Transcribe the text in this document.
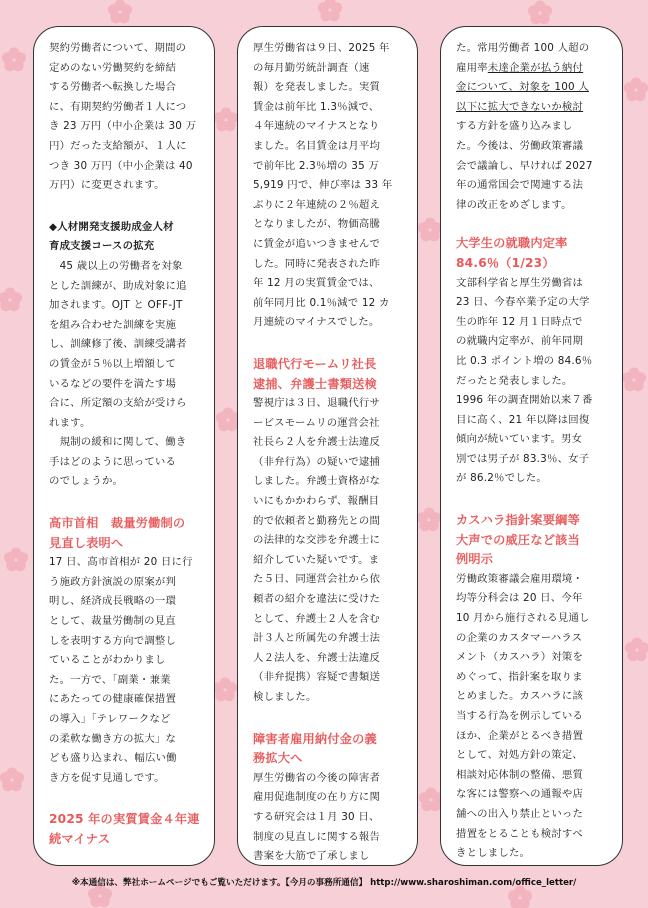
契約労働者について、期間の
定めのない労働契約を締結
する労働者へ転換した場合
に、有期契約労働者１人につ
き 23 万円（中小企業は 30 万
円）だった支給額が、１人に
つき 30 万円（中小企業は 40
万円）に変更されます。

◆人材開発支援助成金人材
育成支援コースの拡充

　45 歳以上の労働者を対象
とした訓練が、助成対象に追
加されます。OJT と OFF-JT
を組み合わせた訓練を実施
し、訓練修了後、訓練受講者
の賃金が５％以上増額して
いるなどの要件を満たす場
合に、所定額の支給が受けら
れます。

　規制の緩和に関して、働き
手はどのように思っている
のでしょうか。

高市首相　裁量労働制の
見直し表明へ

17 日、高市首相が 20 日に行
う施政方針演説の原案が判
明し、経済成長戦略の一環
として、裁量労働制の見直
しを表明する方向で調整し
ていることがわかりまし
た。一方で、「副業・兼業
にあたっての健康確保措置
の導入」「テレワークなど
の柔軟な働き方の拡大」な
ども盛り込まれ、幅広い働
き方を促す見通しです。

2025 年の実質賃金４年連
続マイナス

厚生労働省は９日、2025 年
の毎月勤労統計調査（速
報）を発表しました。実質
賃金は前年比 1.3％減で、
４年連続のマイナスとなり
ました。名目賃金は月平均
で前年比 2.3％増の 35 万
5,919 円で、伸び率は 33 年
ぶりに２年連続の２％超え
となりましたが、物価高騰
に賃金が追いつきませんで
した。同時に発表された昨
年 12 月の実質賃金では、
前年同月比 0.1％減で 12 カ
月連続のマイナスでした。

退職代行モームリ社長
逮捕、弁護士書類送検

警視庁は３日、退職代行サ
ービスモームリの運営会社
社長ら２人を弁護士法違反
（非弁行為）の疑いで逮捕
しました。弁護士資格がな
いにもかかわらず、報酬目
的で依頼者と勤務先との間
の法律的な交渉を弁護士に
紹介していた疑いです。ま
た５日、同運営会社から依
頼者の紹介を違法に受けた
として、弁護士２人を含む
計３人と所属先の弁護士法
人２法人を、弁護士法違反
（非弁提携）容疑で書類送
検しました。

障害者雇用納付金の義
務拡大へ

厚生労働省の今後の障害者
雇用促進制度の在り方に関
する研究会は１月 30 日、
制度の見直しに関する報告
書案を大筋で了承しまし

た。常用労働者 100 人超の
雇用率未達企業が払う納付
金について、対象を 100 人
以下に拡大できないか検討
する方針を盛り込みまし
た。今後は、労働政策審議
会で議論し、早ければ 2027
年の通常国会で関連する法
律の改正をめざします。

大学生の就職内定率
84.6％（1/23）

文部科学省と厚生労働省は
23 日、今春卒業予定の大学
生の昨年 12 月１日時点で
の就職内定率が、前年同期
比 0.3 ポイント増の 84.6％
だったと発表しました。
1996 年の調査開始以来７番
目に高く、21 年以降は回復
傾向が続いています。男女
別では男子が 83.3％、女子
が 86.2％でした。

カスハラ指針案要綱等
大声での威圧など該当
例明示

労働政策審議会雇用環境・
均等分科会は 20 日、今年
10 月から施行される見通し
の企業のカスタマーハラス
メント（カスハラ）対策を
めぐって、指針案を取りま
とめました。カスハラに該
当する行為を例示している
ほか、企業がとるべき措置
として、対処方針の策定、
相談対応体制の整備、悪質
な客には警察への通報や店
舗への出入り禁止といった
措置をとることも検討すべ
きとしました。

※本通信は、弊社ホームページでもご覧いただけます。【今月の事務所通信】 http://www.sharoshiman.com/office_letter/
